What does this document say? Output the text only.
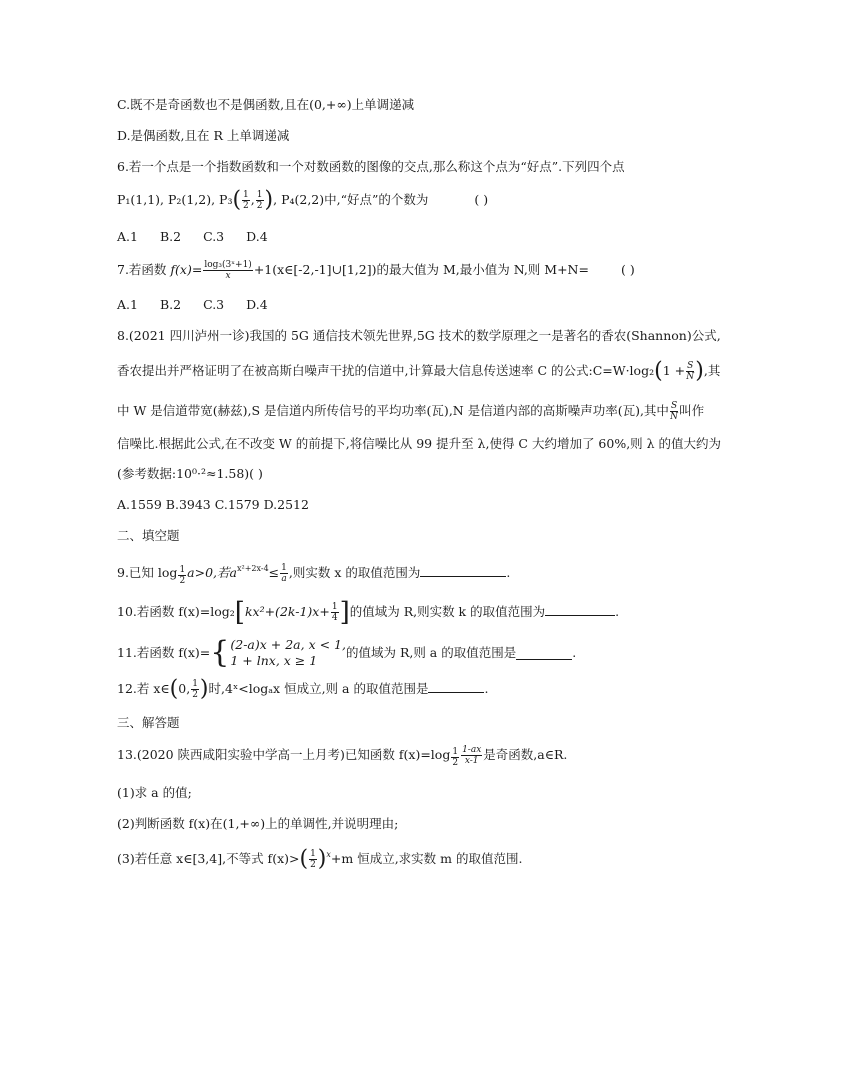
C.既不是奇函数也不是偶函数,且在(0,+∞)上单调递减
D.是偶函数,且在 R 上单调递减
6.若一个点是一个指数函数和一个对数函数的图像的交点,那么称这个点为“好点”.下列四个点
P₁(1,1), P₂(1,2), $P_3( \frac{1}{2}$ , $\frac{1}{2}$ ), P₄(2,2)中,“好点”的个数为	( )
A.1 B.2 C.3 D.4
7.若函数 $f(x)= \frac{\text{log₃(3ˣ+1)}}{x}$ +1(x∈[-2,-1]∪[1,2])的最大值为 M,最小值为 N,则 M+N=	( )
A.1 B.2 C.3 D.4
8.(2021 四川泸州一诊)我国的 5G 通信技术领先世界,5G 技术的数学原理之一是著名的香农(Shannon)公式,
香农提出并严格证明了在被高斯白噪声干扰的信道中,计算最大信息传送速率 C 的公式:C=W·log₂(1 + $\frac{S}{N}$ ),其
中 W 是信道带宽(赫兹),S 是信道内所传信号的平均功率(瓦),N 是信道内部的高斯噪声功率(瓦),其中 $\frac{S}{N}$ 叫作
信噪比.根据此公式,在不改变 W 的前提下,将信噪比从 99 提升至 λ,使得 C 大约增加了 60%,则 λ 的值大约为
(参考数据:10⁰·²≈1.58)( )
A.1559 B.3943 C.1579 D.2512
二、填空题
9.已知 $\log \frac{1}{2} a>0$,若$a^{x^2+2x-4}\le \frac{1}{a}$ ,则实数 x 的取值范围为	.
10.若函数 $f(x)=\log_2[kx^2+(2k-1)x+ \frac{1}{4}$ ]的值域为 R,则实数 k 的取值范围为	.
11.若函数 f(x)={ (2-a)x + 2a, x < 1,
1 + lnx, x ≥ 1
的值域为 R,则 a 的取值范围是	.
12.若 x∈(0, $\frac{1}{2}$ )时,4ˣ<logₐx 恒成立,则 a 的取值范围是	.
三、解答题
13.(2020 陕西咸阳实验中学高一上月考)已知函数 $f(x)=\log \frac{1}{2} \frac{1-ax}{x-1}$ 是奇函数,a∈R.
(1)求 a 的值;
(2)判断函数 f(x)在(1,+∞)上的单调性,并说明理由;
(3)若任意 x∈[3,4],不等式 $f(x)>( \frac{1}{2} )^x+m$ 恒成立,求实数 m 的取值范围.
